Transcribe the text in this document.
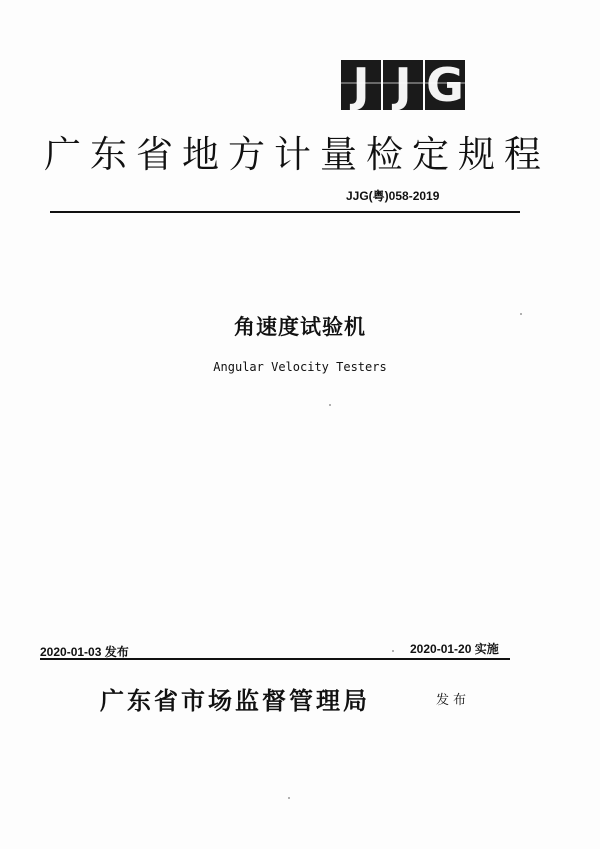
J J G
广东省地方计量检定规程
JJG(粤)058-2019
角速度试验机
Angular Velocity Testers
2020-01-03 发布	2020-01-20 实施
广东省市场监督管理局	发布
